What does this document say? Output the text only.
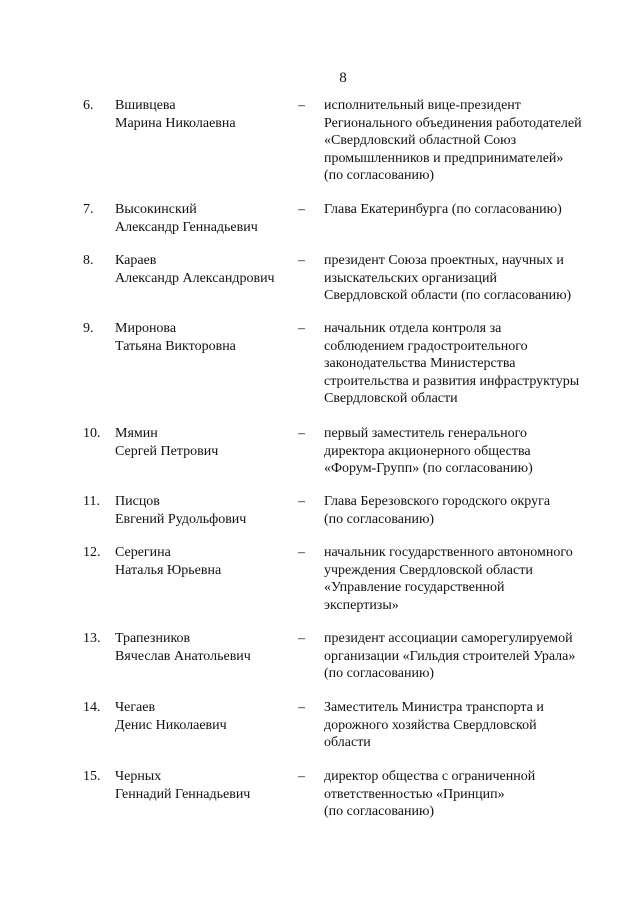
8
6. Вшивцева
Марина Николаевна
– исполнительный вице-президент
Регионального объединения работодателей
«Свердловский областной Союз
промышленников и предпринимателей»
(по согласованию)
7. Высокинский
Александр Геннадьевич
– Глава Екатеринбурга (по согласованию)
8. Караев
Александр Александрович
– президент Союза проектных, научных и
изыскательских организаций
Свердловской области (по согласованию)
9. Миронова
Татьяна Викторовна
– начальник отдела контроля за
соблюдением градостроительного
законодательства Министерства
строительства и развития инфраструктуры
Свердловской области
10. Мямин
Сергей Петрович
– первый заместитель генерального
директора акционерного общества
«Форум-Групп» (по согласованию)
11. Писцов
Евгений Рудольфович
– Глава Березовского городского округа
(по согласованию)
12. Серегина
Наталья Юрьевна
– начальник государственного автономного
учреждения Свердловской области
«Управление государственной
экспертизы»
13. Трапезников
Вячеслав Анатольевич
– президент ассоциации саморегулируемой
организации «Гильдия строителей Урала»
(по согласованию)
14. Чегаев
Денис Николаевич
– Заместитель Министра транспорта и
дорожного хозяйства Свердловской
области
15. Черных
Геннадий Геннадьевич
– директор общества с ограниченной
ответственностью «Принцип»
(по согласованию)
